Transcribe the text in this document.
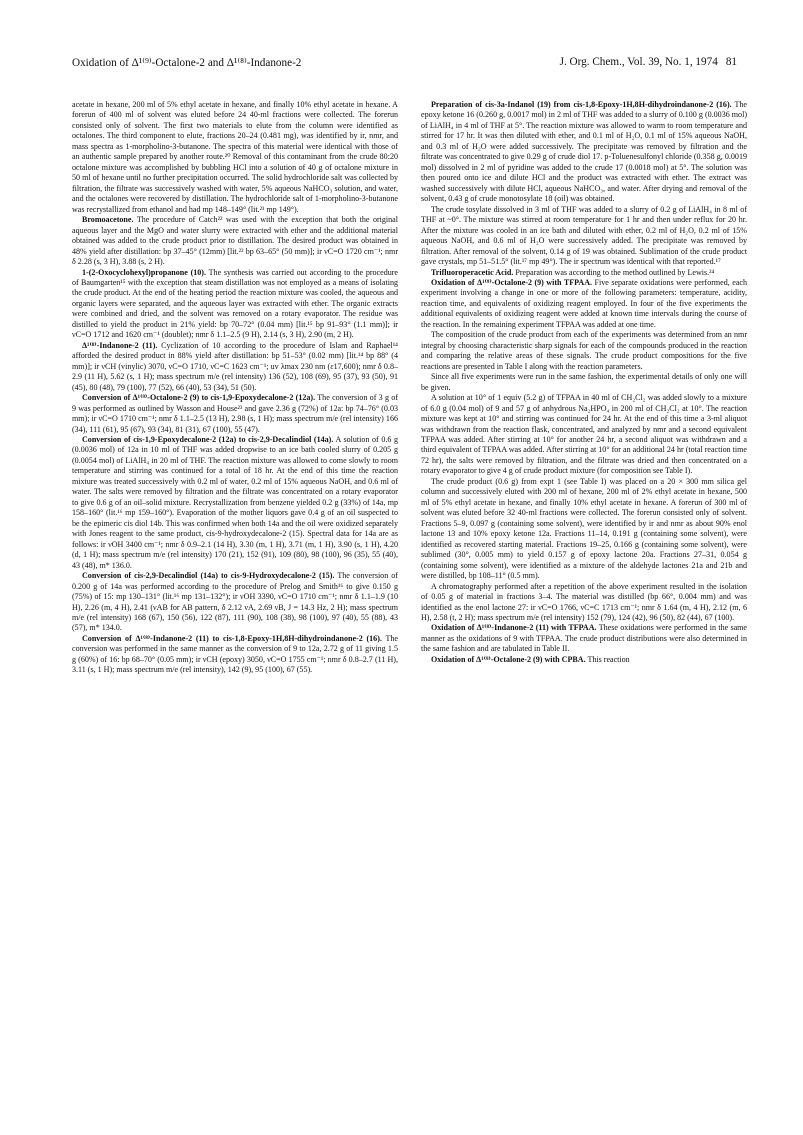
Oxidation of Δ¹⁽⁹⁾-Octalone-2 and Δ¹⁽⁸⁾-Indanone-2	J. Org. Chem., Vol. 39, No. 1, 1974 81

acetate in hexane, 200 ml of 5% ethyl acetate in hexane, and finally 10% ethyl acetate in hexane. A forerun of 400 ml of solvent was eluted before 24 40-ml fractions were collected. The forerun consisted only of solvent. The first two materials to elute from the column were identified as octalones. The third component to elute, fractions 20–24 (0.481 mg), was identified by ir, nmr, and mass spectra as 1-morpholino-3-butanone. The spectra of this material were identical with those of an authentic sample prepared by another route.²⁰ Removal of this contaminant from the crude 80:20 octalone mixture was accomplished by bubbling HCl into a solution of 40 g of octalone mixture in 50 ml of hexane until no further precipitation occurred. The solid hydrochloride salt was collected by filtration, the filtrate was successively washed with water, 5% aqueous NaHCO₃ solution, and water, and the octalones were recovered by distillation. The hydrochloride salt of 1-morpholino-3-butanone was recrystallized from ethanol and had mp 148–149° (lit.²¹ mp 149°).

Bromoacetone. The procedure of Catch²² was used with the exception that both the original aqueous layer and the MgO and water slurry were extracted with ether and the additional material obtained was added to the crude product prior to distillation. The desired product was obtained in 48% yield after distillation: bp 37–45° (12mm) [lit.²² bp 63–65° (50 mm)]; ir νC=O 1720 cm⁻¹; nmr δ 2.28 (s, 3 H), 3.88 (s, 2 H).

1-(2-Oxocyclohexyl)propanone (10). The synthesis was carried out according to the procedure of Baumgarten¹⁵ with the exception that steam distillation was not employed as a means of isolating the crude product. At the end of the heating period the reaction mixture was cooled, the aqueous and organic layers were separated, and the aqueous layer was extracted with ether. The organic extracts were combined and dried, and the solvent was removed on a rotary evaporator. The residue was distilled to yield the product in 21% yield: bp 70–72° (0.04 mm) [lit.¹⁵ bp 91–93° (1.1 mm)]; ir νC=O 1712 and 1620 cm⁻¹ (doublet); nmr δ 1.1–2.5 (9 H), 2.14 (s, 3 H), 2.90 (m, 2 H).

Δ¹⁽⁸⁾-Indanone-2 (11). Cyclization of 10 according to the procedure of Islam and Raphael¹⁴ afforded the desired product in 88% yield after distillation: bp 51–53° (0.02 mm) [lit.¹⁴ bp 88° (4 mm)]; ir νCH (vinylic) 3070, νC=O 1710, νC=C 1623 cm⁻¹; uv λmax 230 nm (ε17,600); nmr δ 0.8–2.9 (11 H), 5.62 (s, 1 H); mass spectrum m/e (rel intensity) 136 (52), 108 (69), 95 (37), 93 (50), 91 (45), 80 (48), 79 (100), 77 (52), 66 (40), 53 (34), 51 (50).

Conversion of Δ¹⁽⁹⁾-Octalone-2 (9) to cis-1,9-Epoxydecalone-2 (12a). The conversion of 3 g of 9 was performed as outlined by Wasson and House²³ and gave 2.36 g (72%) of 12a: bp 74–76° (0.03 mm); ir νC=O 1710 cm⁻¹; nmr δ 1.1–2.5 (13 H), 2.98 (s, 1 H); mass spectrum m/e (rel intensity) 166 (34), 111 (61), 95 (67), 93 (34), 81 (31), 67 (100), 55 (47).

Conversion of cis-1,9-Epoxydecalone-2 (12a) to cis-2,9-Decalindiol (14a). A solution of 0.6 g (0.0036 mol) of 12a in 10 ml of THF was added dropwise to an ice bath cooled slurry of 0.205 g (0.0054 mol) of LiAlH₄ in 20 ml of THF. The reaction mixture was allowed to come slowly to room temperature and stirring was continued for a total of 18 hr. At the end of this time the reaction mixture was treated successively with 0.2 ml of water, 0.2 ml of 15% aqueous NaOH, and 0.6 ml of water. The salts were removed by filtration and the filtrate was concentrated on a rotary evaporator to give 0.6 g of an oil–solid mixture. Recrystallization from benzene yielded 0.2 g (33%) of 14a, mp 158–160° (lit.¹⁶ mp 159–160°). Evaporation of the mother liquors gave 0.4 g of an oil suspected to be the epimeric cis diol 14b. This was confirmed when both 14a and the oil were oxidized separately with Jones reagent to the same product, cis-9-hydroxydecalone-2 (15). Spectral data for 14a are as follows: ir νOH 3400 cm⁻¹; nmr δ 0.9–2.1 (14 H), 3.30 (m, 1 H), 3.71 (m, 1 H), 3.90 (s, 1 H), 4.20 (d, 1 H); mass spectrum m/e (rel intensity) 170 (21), 152 (91), 109 (80), 98 (100), 96 (35), 55 (40), 43 (48), m* 136.0.

Conversion of cis-2,9-Decalindiol (14a) to cis-9-Hydroxydecalone-2 (15). The conversion of 0.200 g of 14a was performed according to the procedure of Prelog and Smith¹⁶ to give 0.150 g (75%) of 15: mp 130–131° (lit.¹⁶ mp 131–132°); ir νOH 3390, νC=O 1710 cm⁻¹; nmr δ 1.1–1.9 (10 H), 2.26 (m, 4 H), 2.41 (νAB for AB pattern, δ 2.12 νA, 2.69 νB, J = 14.3 Hz, 2 H); mass spectrum m/e (rel intensity) 168 (67), 150 (56), 122 (87), 111 (90), 108 (38), 98 (100), 97 (40), 55 (88), 43 (57), m* 134.0.

Conversion of Δ¹⁽⁸⁾-Indanone-2 (11) to cis-1,8-Epoxy-1H,8H-dihydroindanone-2 (16). The conversion was performed in the same manner as the conversion of 9 to 12a, 2.72 g of 11 giving 1.5 g (60%) of 16: bp 68–70° (0.05 mm); ir νCH (epoxy) 3050, νC=O 1755 cm⁻¹; nmr δ 0.8–2.7 (11 H), 3.11 (s, 1 H); mass spectrum m/e (rel intensity), 142 (9), 95 (100), 67 (55).

Preparation of cis-3a-Indanol (19) from cis-1,8-Epoxy-1H,8H-dihydroindanone-2 (16). The epoxy ketone 16 (0.260 g, 0.0017 mol) in 2 ml of THF was added to a slurry of 0.100 g (0.0036 mol) of LiAlH₄ in 4 ml of THF at 5°. The reaction mixture was allowed to warm to room temperature and stirred for 17 hr. It was then diluted with ether, and 0.1 ml of H₂O, 0.1 ml of 15% aqueous NaOH, and 0.3 ml of H₂O were added successively. The precipitate was removed by filtration and the filtrate was concentrated to give 0.29 g of crude diol 17. p-Toluenesulfonyl chloride (0.358 g, 0.0019 mol) dissolved in 2 ml of pyridine was added to the crude 17 (0.0018 mol) at 5°. The solution was then poured onto ice and dilute HCl and the product was extracted with ether. The extract was washed successively with dilute HCl, aqueous NaHCO₃, and water. After drying and removal of the solvent, 0.43 g of crude monotosylate 18 (oil) was obtained.

The crude tosylate dissolved in 3 ml of THF was added to a slurry of 0.2 g of LiAlH₄ in 8 ml of THF at ~0°. The mixture was stirred at room temperature for 1 hr and then under reflux for 20 hr. After the mixture was cooled in an ice bath and diluted with ether, 0.2 ml of H₂O, 0.2 ml of 15% aqueous NaOH, and 0.6 ml of H₂O were successively added. The precipitate was removed by filtration. After removal of the solvent, 0.14 g of 19 was obtained. Sublimation of the crude product gave crystals, mp 51–51.5° (lit.¹⁷ mp 49°). The ir spectrum was identical with that reported.¹⁷

Trifluoroperacetic Acid. Preparation was according to the method outlined by Lewis.²⁴

Oxidation of Δ¹⁽⁹⁾-Octalone-2 (9) with TFPAA. Five separate oxidations were performed, each experiment involving a change in one or more of the following parameters: temperature, acidity, reaction time, and equivalents of oxidizing reagent employed. In four of the five experiments the additional equivalents of oxidizing reagent were added at known time intervals during the course of the reaction. In the remaining experiment TFPAA was added at one time.

The composition of the crude product from each of the experiments was determined from an nmr integral by choosing characteristic sharp signals for each of the compounds produced in the reaction and comparing the relative areas of these signals. The crude product compositions for the five reactions are presented in Table I along with the reaction parameters.

Since all five experiments were run in the same fashion, the experimental details of only one will be given.

A solution at 10° of 1 equiv (5.2 g) of TFPAA in 40 ml of CH₂Cl₂ was added slowly to a mixture of 6.0 g (0.04 mol) of 9 and 57 g of anhydrous Na₂HPO₄ in 200 ml of CH₂Cl₂ at 10°. The reaction mixture was kept at 10° and stirring was continued for 24 hr. At the end of this time a 3-ml aliquot was withdrawn from the reaction flask, concentrated, and analyzed by nmr and a second equivalent TFPAA was added. After stirring at 10° for another 24 hr, a second aliquot was withdrawn and a third equivalent of TFPAA was added. After stirring at 10° for an additional 24 hr (total reaction time 72 hr), the salts were removed by filtration, and the filtrate was dried and then concentrated on a rotary evaporator to give 4 g of crude product mixture (for composition see Table I).

The crude product (0.6 g) from expt 1 (see Table I) was placed on a 20 × 300 mm silica gel column and successively eluted with 200 ml of hexane, 200 ml of 2% ethyl acetate in hexane, 500 ml of 5% ethyl acetate in hexane, and finally 10% ethyl acetate in hexane. A forerun of 300 ml of solvent was eluted before 32 40-ml fractions were collected. The forerun consisted only of solvent. Fractions 5–9, 0.097 g (containing some solvent), were identified by ir and nmr as about 90% enol lactone 13 and 10% epoxy ketone 12a. Fractions 11–14, 0.191 g (containing some solvent), were identified as recovered starting material. Fractions 19–25, 0.166 g (containing some solvent), were sublimed (30°, 0.005 mm) to yield 0.157 g of epoxy lactone 20a. Fractions 27–31, 0.054 g (containing some solvent), were identified as a mixture of the aldehyde lactones 21a and 21b and were distilled, bp 108–11° (0.5 mm).

A chromatography performed after a repetition of the above experiment resulted in the isolation of 0.05 g of material in fractions 3–4. The material was distilled (bp 66°, 0.004 mm) and was identified as the enol lactone 27: ir νC=O 1766, νC=C 1713 cm⁻¹; nmr δ 1.64 (m, 4 H), 2.12 (m, 6 H), 2.58 (t, 2 H); mass spectrum m/e (rel intensity) 152 (79), 124 (42), 96 (50), 82 (44), 67 (100).

Oxidation of Δ¹⁽⁸⁾-Indanone-2 (11) with TFPAA. These oxidations were performed in the same manner as the oxidations of 9 with TFPAA. The crude product distributions were also determined in the same fashion and are tabulated in Table II.

Oxidation of Δ¹⁽⁹⁾-Octalone-2 (9) with CPBA. This reaction
